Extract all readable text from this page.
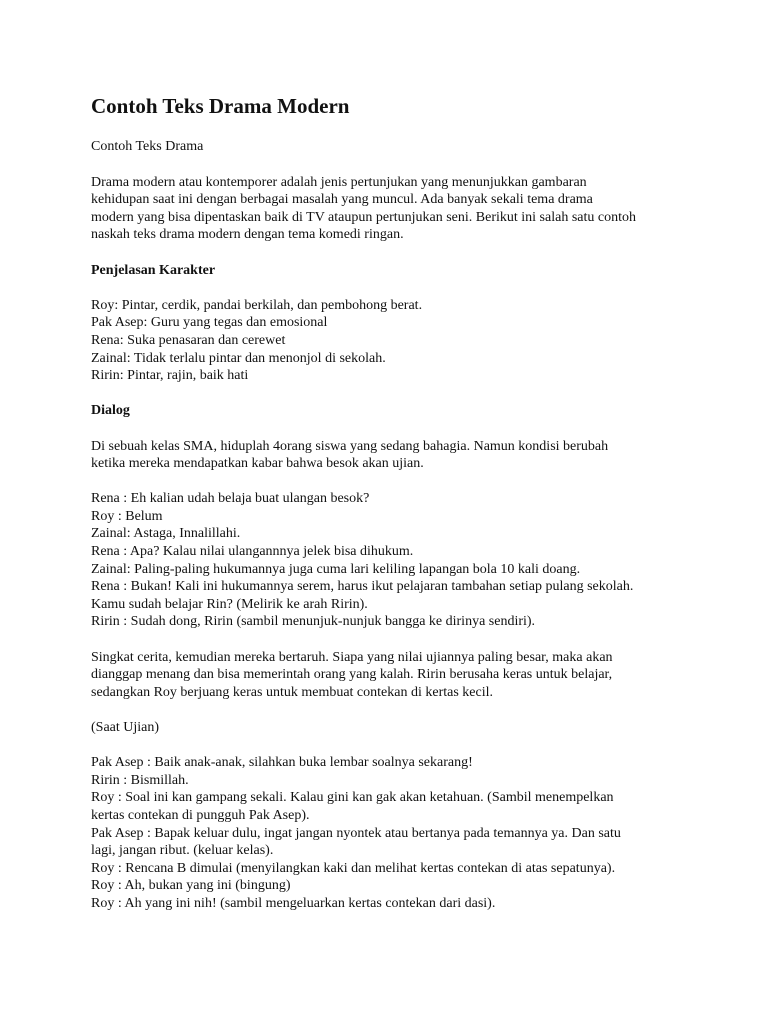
Contoh Teks Drama Modern

Contoh Teks Drama

Drama modern atau kontemporer adalah jenis pertunjukan yang menunjukkan gambaran
kehidupan saat ini dengan berbagai masalah yang muncul. Ada banyak sekali tema drama
modern yang bisa dipentaskan baik di TV ataupun pertunjukan seni. Berikut ini salah satu contoh
naskah teks drama modern dengan tema komedi ringan.

Penjelasan Karakter

Roy: Pintar, cerdik, pandai berkilah, dan pembohong berat.
Pak Asep: Guru yang tegas dan emosional
Rena: Suka penasaran dan cerewet
Zainal: Tidak terlalu pintar dan menonjol di sekolah.
Ririn: Pintar, rajin, baik hati

Dialog

Di sebuah kelas SMA, hiduplah 4orang siswa yang sedang bahagia. Namun kondisi berubah
ketika mereka mendapatkan kabar bahwa besok akan ujian.

Rena : Eh kalian udah belaja buat ulangan besok?
Roy : Belum
Zainal: Astaga, Innalillahi.
Rena : Apa? Kalau nilai ulangannnya jelek bisa dihukum.
Zainal: Paling-paling hukumannya juga cuma lari keliling lapangan bola 10 kali doang.
Rena : Bukan! Kali ini hukumannya serem, harus ikut pelajaran tambahan setiap pulang sekolah.
Kamu sudah belajar Rin? (Melirik ke arah Ririn).
Ririn : Sudah dong, Ririn (sambil menunjuk-nunjuk bangga ke dirinya sendiri).

Singkat cerita, kemudian mereka bertaruh. Siapa yang nilai ujiannya paling besar, maka akan
dianggap menang dan bisa memerintah orang yang kalah. Ririn berusaha keras untuk belajar,
sedangkan Roy berjuang keras untuk membuat contekan di kertas kecil.

(Saat Ujian)

Pak Asep : Baik anak-anak, silahkan buka lembar soalnya sekarang!
Ririn : Bismillah.
Roy : Soal ini kan gampang sekali. Kalau gini kan gak akan ketahuan. (Sambil menempelkan
kertas contekan di pungguh Pak Asep).
Pak Asep : Bapak keluar dulu, ingat jangan nyontek atau bertanya pada temannya ya. Dan satu
lagi, jangan ribut. (keluar kelas).
Roy : Rencana B dimulai (menyilangkan kaki dan melihat kertas contekan di atas sepatunya).
Roy : Ah, bukan yang ini (bingung)
Roy : Ah yang ini nih! (sambil mengeluarkan kertas contekan dari dasi).
